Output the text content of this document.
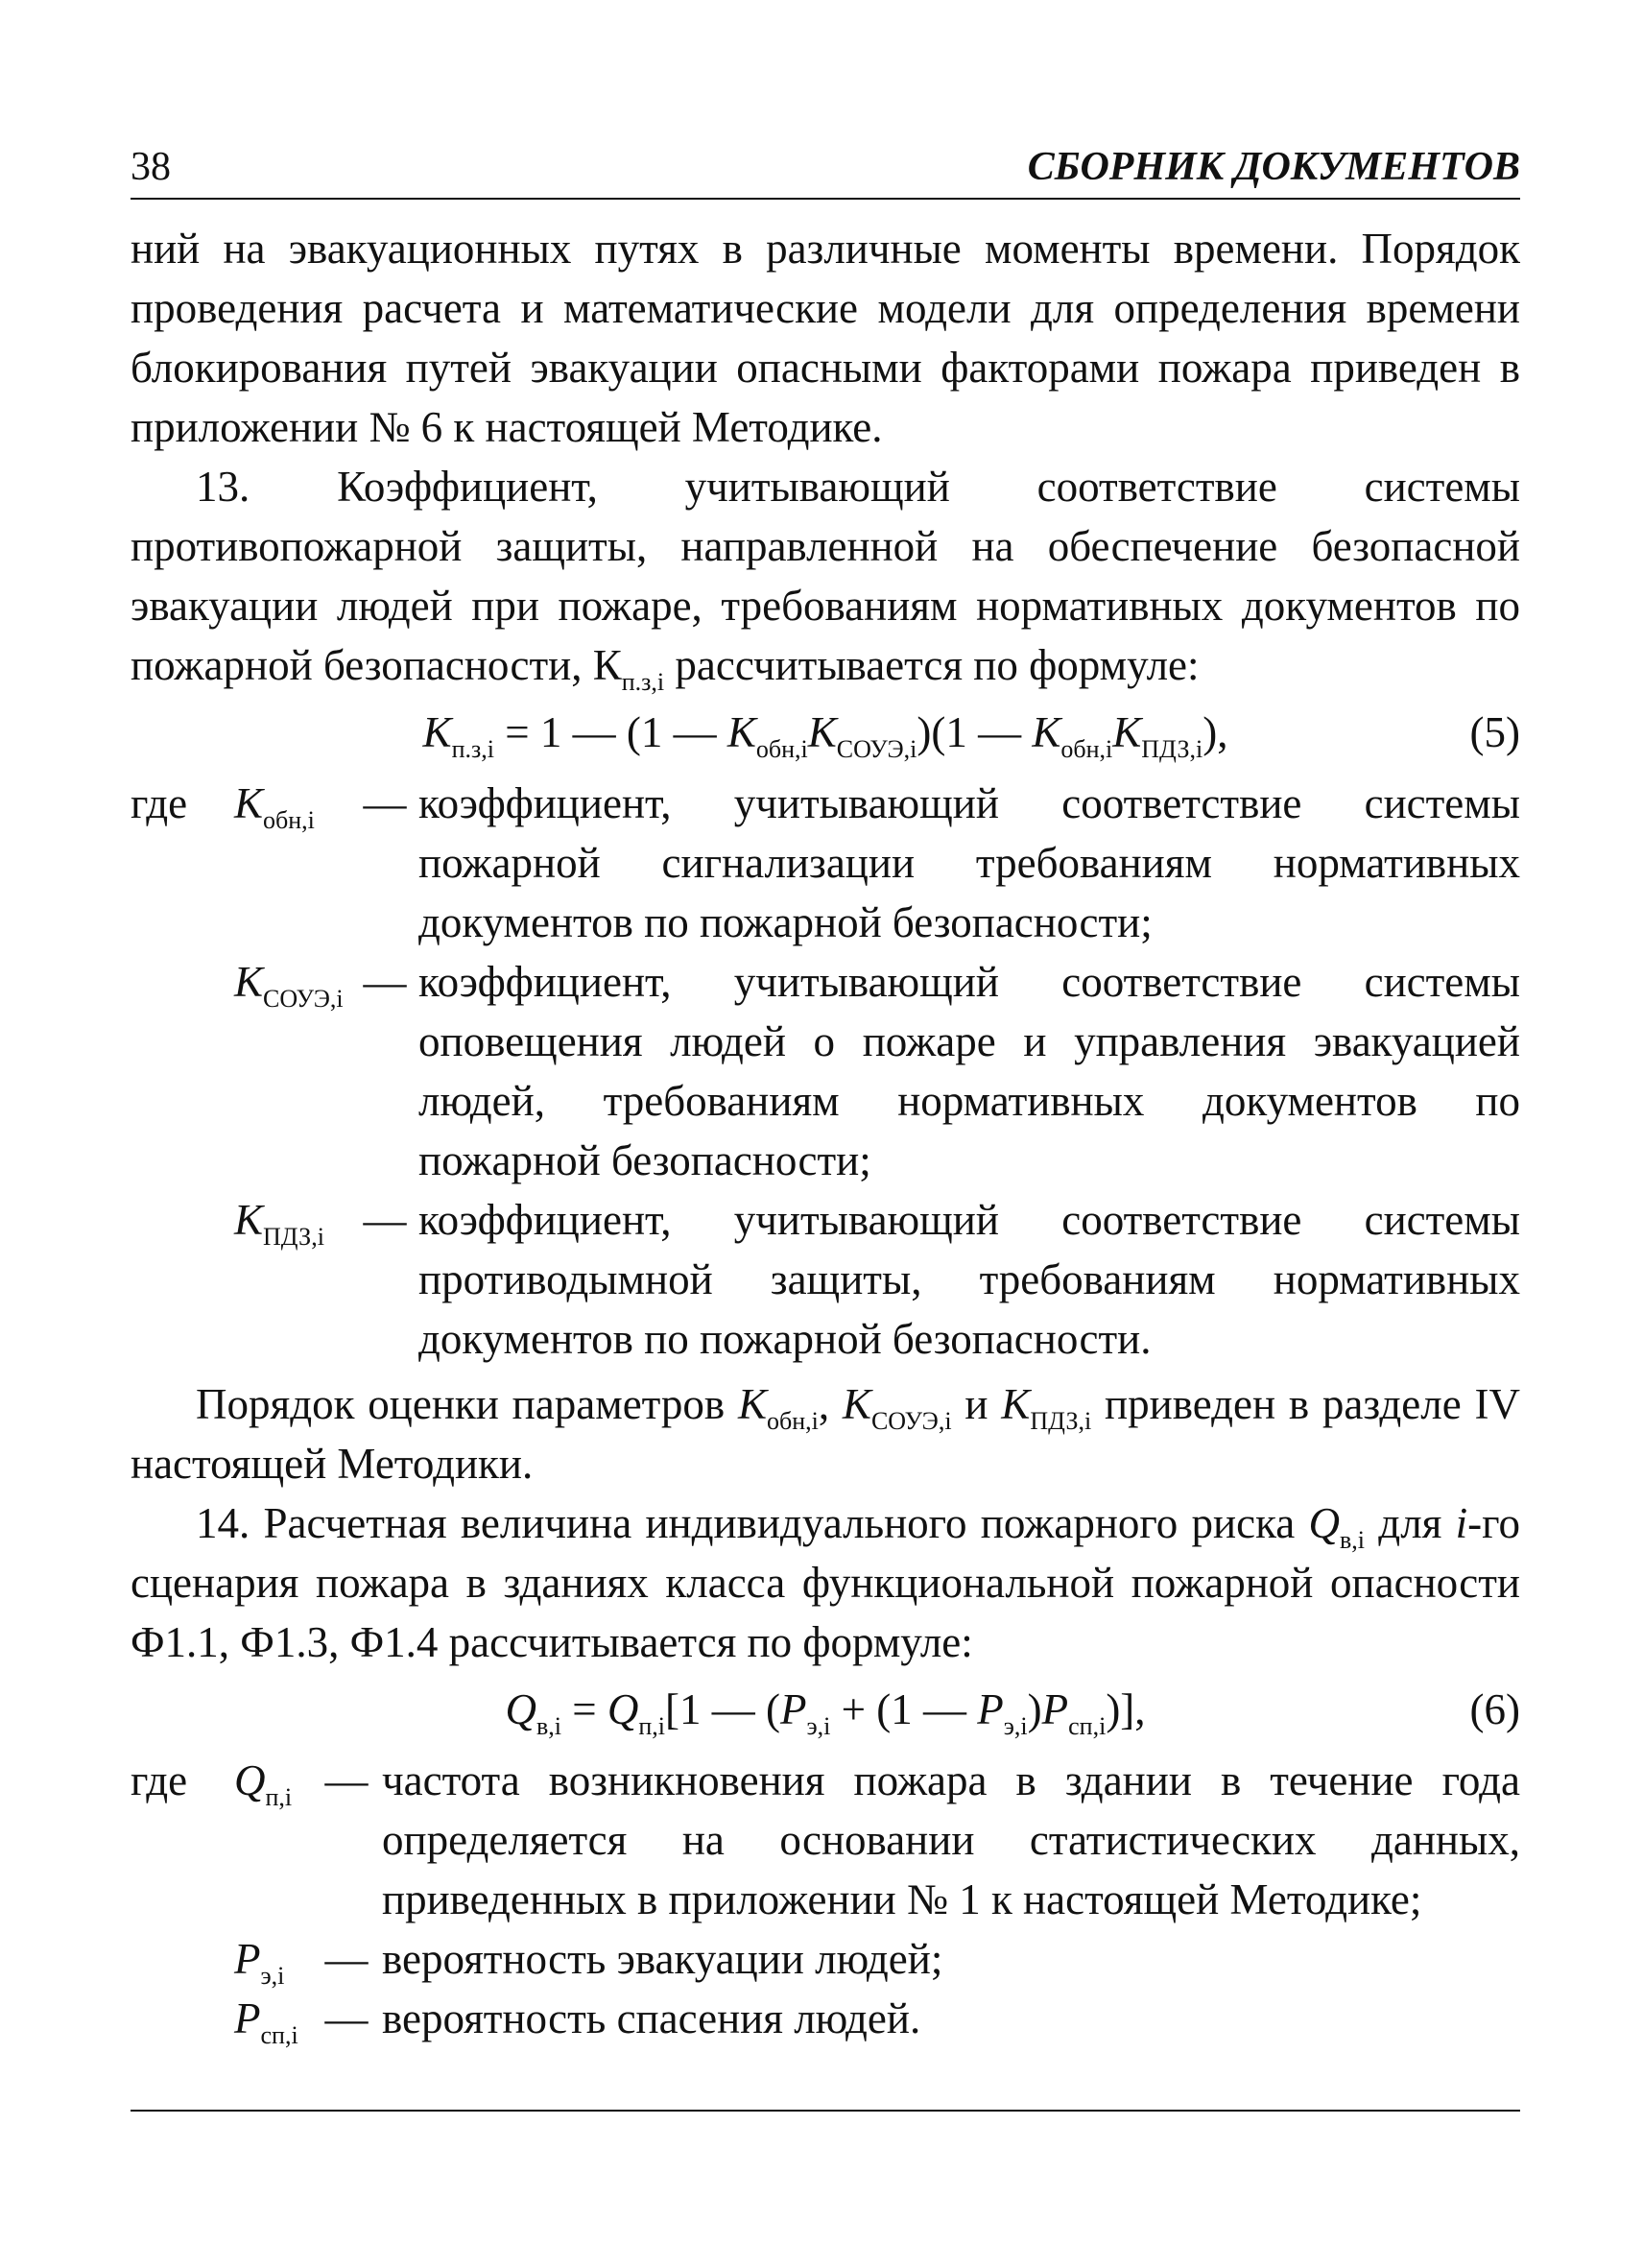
38	СБОРНИК ДОКУМЕНТОВ

ний на эвакуационных путях в различные моменты времени. Порядок проведения расчета и математические модели для определения времени блокирования путей эвакуации опасными факторами пожара приведен в приложении № 6 к настоящей Методике.

13. Коэффициент, учитывающий соответствие системы противопожарной защиты, направленной на обеспечение безопасной эвакуации людей при пожаре, требованиям нормативных документов по пожарной безопасности, $К_{п.з,i}$ рассчитывается по формуле:

$K_{п.з,i} = 1$ — (1 — $K_{обн,i}K_{СОУЭ,i})(1$ — $K_{обн,i}K_{ПДЗ,i}$),	(5)
где	$K_{обн,i}$	— коэффициент, учитывающий соответствие системы пожарной сигнализации требованиям нормативных документов по пожарной безопасности;
$K_{СОУЭ,i}$ — коэффициент, учитывающий соответствие системы оповещения людей о пожаре и управления эвакуацией людей, требованиям нормативных документов по пожарной безопасности;
$K_{ПДЗ,i}$ — коэффициент, учитывающий соответствие системы противодымной защиты, требованиям нормативных документов по пожарной безопасности.

Порядок оценки параметров $K_{обн,i}$, $K_{СОУЭ,i}$ и $K_{ПДЗ,i}$ приведен в разделе IV настоящей Методики.

14. Расчетная величина индивидуального пожарного риска $Q_{в,i}$ для i-го сценария пожара в зданиях класса функциональной пожарной опасности Ф1.1, Ф1.3, Ф1.4 рассчитывается по формуле:

$Q_{в,i} = Q_{п,i}[1$ — ($P_{э,i} + (1$ — $P_{э,i})P_{сп,i}$)],	(6)
где	$Q_{п,i}$ — частота возникновения пожара в здании в течение года определяется на основании статистических данных, приведенных в приложении № 1 к настоящей Методике;
$P_{э,i}$ — вероятность эвакуации людей;
$P_{сп,i}$ — вероятность спасения людей.
